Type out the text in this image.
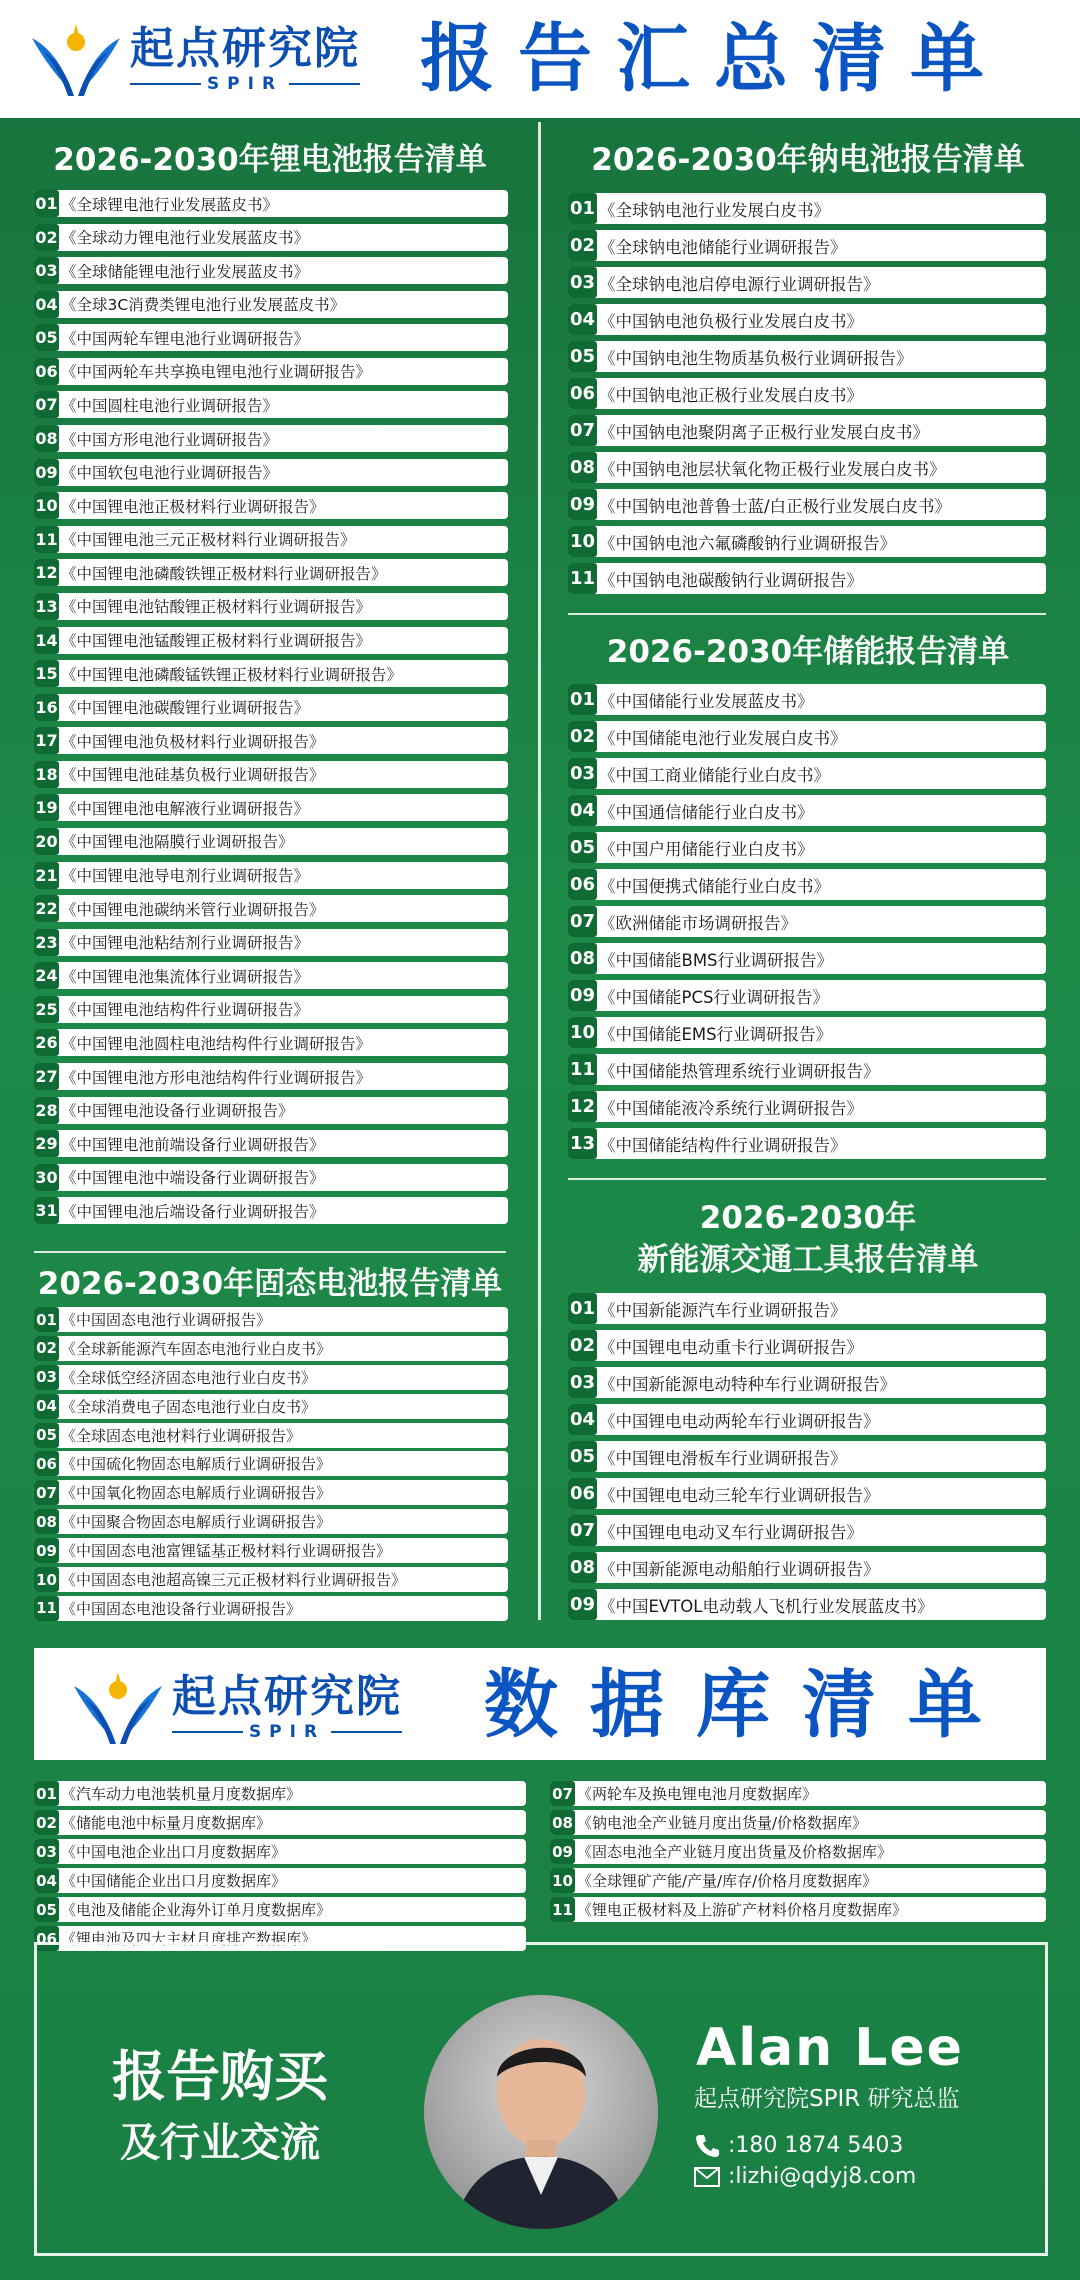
起点研究院
SPIR 报告汇总清单
2026-2030年锂电池报告清单
01 《全球锂电池行业发展蓝皮书》
02 《全球动力锂电池行业发展蓝皮书》
03 《全球储能锂电池行业发展蓝皮书》
04 《全球3C消费类锂电池行业发展蓝皮书》
05 《中国两轮车锂电池行业调研报告》
06 《中国两轮车共享换电锂电池行业调研报告》
07 《中国圆柱电池行业调研报告》
08 《中国方形电池行业调研报告》
09 《中国软包电池行业调研报告》
10 《中国锂电池正极材料行业调研报告》
11 《中国锂电池三元正极材料行业调研报告》
12 《中国锂电池磷酸铁锂正极材料行业调研报告》
13 《中国锂电池钴酸锂正极材料行业调研报告》
14 《中国锂电池锰酸锂正极材料行业调研报告》
15 《中国锂电池磷酸锰铁锂正极材料行业调研报告》
16 《中国锂电池碳酸锂行业调研报告》
17 《中国锂电池负极材料行业调研报告》
18 《中国锂电池硅基负极行业调研报告》
19 《中国锂电池电解液行业调研报告》
20 《中国锂电池隔膜行业调研报告》
21 《中国锂电池导电剂行业调研报告》
22 《中国锂电池碳纳米管行业调研报告》
23 《中国锂电池粘结剂行业调研报告》
24 《中国锂电池集流体行业调研报告》
25 《中国锂电池结构件行业调研报告》
26 《中国锂电池圆柱电池结构件行业调研报告》
27 《中国锂电池方形电池结构件行业调研报告》
28 《中国锂电池设备行业调研报告》
29 《中国锂电池前端设备行业调研报告》
30 《中国锂电池中端设备行业调研报告》
31 《中国锂电池后端设备行业调研报告》
2026-2030年固态电池报告清单
01 《中国固态电池行业调研报告》
02 《全球新能源汽车固态电池行业白皮书》
03 《全球低空经济固态电池行业白皮书》
04 《全球消费电子固态电池行业白皮书》
05 《全球固态电池材料行业调研报告》
06 《中国硫化物固态电解质行业调研报告》
07 《中国氧化物固态电解质行业调研报告》
08 《中国聚合物固态电解质行业调研报告》
09 《中国固态电池富锂锰基正极材料行业调研报告》
10 《中国固态电池超高镍三元正极材料行业调研报告》
11 《中国固态电池设备行业调研报告》
2026-2030年钠电池报告清单
01 《全球钠电池行业发展白皮书》
02 《全球钠电池储能行业调研报告》
03 《全球钠电池启停电源行业调研报告》
04 《中国钠电池负极行业发展白皮书》
05 《中国钠电池生物质基负极行业调研报告》
06 《中国钠电池正极行业发展白皮书》
07 《中国钠电池聚阴离子正极行业发展白皮书》
08 《中国钠电池层状氧化物正极行业发展白皮书》
09 《中国钠电池普鲁士蓝/白正极行业发展白皮书》
10 《中国钠电池六氟磷酸钠行业调研报告》
11 《中国钠电池碳酸钠行业调研报告》
2026-2030年储能报告清单
01 《中国储能行业发展蓝皮书》
02 《中国储能电池行业发展白皮书》
03 《中国工商业储能行业白皮书》
04 《中国通信储能行业白皮书》
05 《中国户用储能行业白皮书》
06 《中国便携式储能行业白皮书》
07 《欧洲储能市场调研报告》
08 《中国储能BMS行业调研报告》
09 《中国储能PCS行业调研报告》
10 《中国储能EMS行业调研报告》
11 《中国储能热管理系统行业调研报告》
12 《中国储能液冷系统行业调研报告》
13 《中国储能结构件行业调研报告》
2026-2030年
新能源交通工具报告清单
01 《中国新能源汽车行业调研报告》
02 《中国锂电电动重卡行业调研报告》
03 《中国新能源电动特种车行业调研报告》
04 《中国锂电电动两轮车行业调研报告》
05 《中国锂电滑板车行业调研报告》
06 《中国锂电电动三轮车行业调研报告》
07 《中国锂电电动叉车行业调研报告》
08 《中国新能源电动船舶行业调研报告》
09 《中国EVTOL电动载人飞机行业发展蓝皮书》
起点研究院
SPIR 数据库清单
01 《汽车动力电池装机量月度数据库》
02 《储能电池中标量月度数据库》
03 《中国电池企业出口月度数据库》
04 《中国储能企业出口月度数据库》
05 《电池及储能企业海外订单月度数据库》
06 《锂电池及四大主材月度排产数据库》
07 《两轮车及换电锂电池月度数据库》
08 《钠电池全产业链月度出货量/价格数据库》
09 《固态电池全产业链月度出货量及价格数据库》
10 《全球锂矿产能/产量/库存/价格月度数据库》
11 《锂电正极材料及上游矿产材料价格月度数据库》
报告购买
及行业交流
Alan Lee
起点研究院SPIR 研究总监
:180 1874 5403
:lizhi@qdyj8.com
